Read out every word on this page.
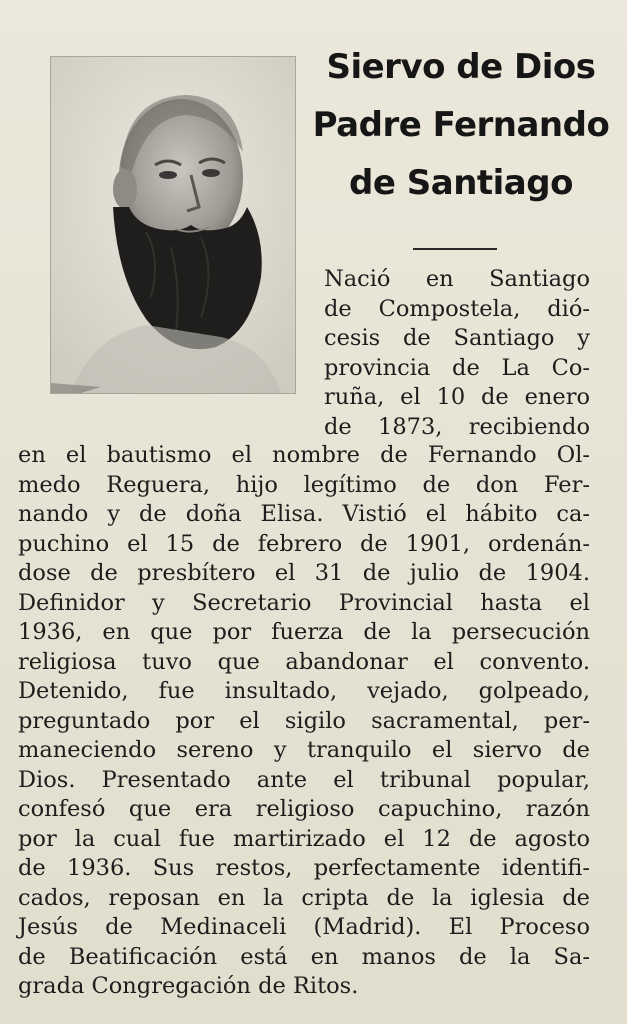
Siervo de Dios
Padre Fernando
de Santiago
Nació en Santiago
de Compostela, dió-
cesis de Santiago y
provincia de La Co-
ruña, el 10 de enero
de 1873, recibiendo
en el bautismo el nombre de Fernando Ol-
medo Reguera, hijo legítimo de don Fer-
nando y de doña Elisa. Vistió el hábito ca-
puchino el 15 de febrero de 1901, ordenán-
dose de presbítero el 31 de julio de 1904.
Definidor y Secretario Provincial hasta el
1936, en que por fuerza de la persecución
religiosa tuvo que abandonar el convento.
Detenido, fue insultado, vejado, golpeado,
preguntado por el sigilo sacramental, per-
maneciendo sereno y tranquilo el siervo de
Dios. Presentado ante el tribunal popular,
confesó que era religioso capuchino, razón
por la cual fue martirizado el 12 de agosto
de 1936. Sus restos, perfectamente identifi-
cados, reposan en la cripta de la iglesia de
Jesús de Medinaceli (Madrid). El Proceso
de Beatificación está en manos de la Sa-
grada Congregación de Ritos.
